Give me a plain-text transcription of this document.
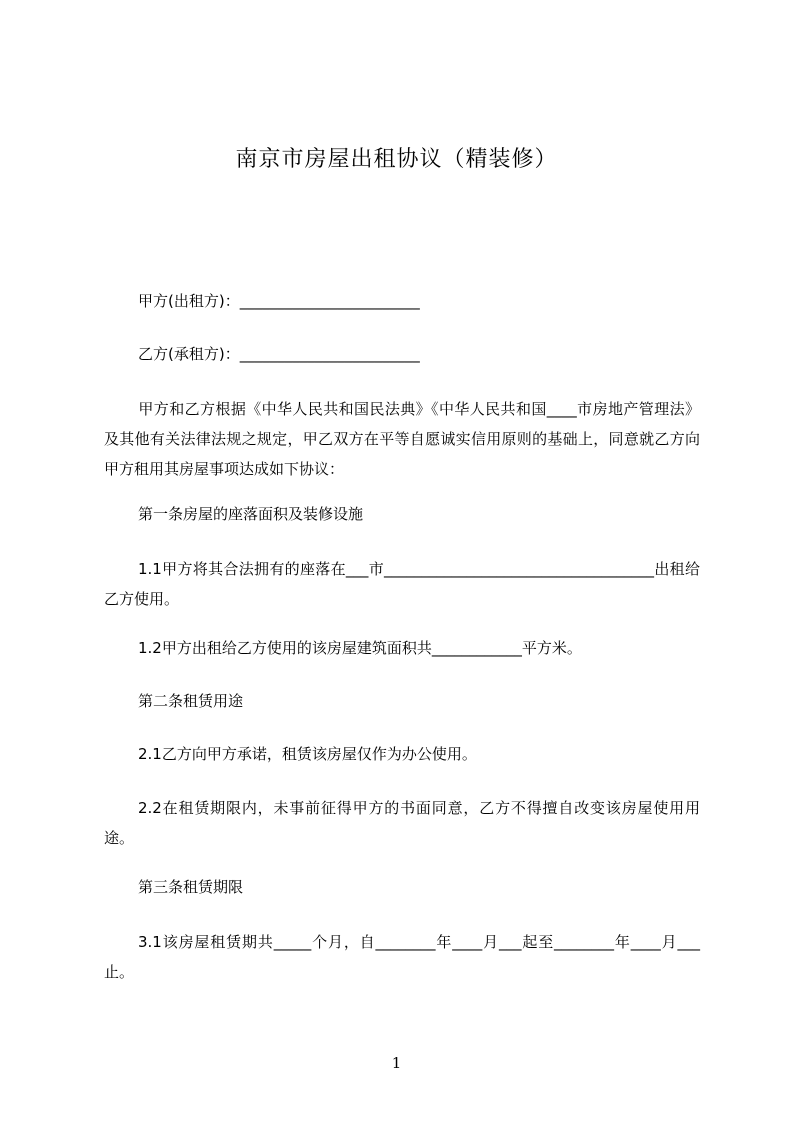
南京市房屋出租协议（精装修）
甲方(出租方)：________________________
乙方(承租方)：________________________
甲方和乙方根据《中华人民共和国民法典》《中华人民共和国____市房地产管理法》及其他有关法律法规之规定，甲乙双方在平等自愿诚实信用原则的基础上，同意就乙方向甲方租用其房屋事项达成如下协议：
第一条房屋的座落面积及装修设施
1.1甲方将其合法拥有的座落在___市____________________________________出租给乙方使用。
1.2甲方出租给乙方使用的该房屋建筑面积共____________平方米。
第二条租赁用途
2.1乙方向甲方承诺，租赁该房屋仅作为办公使用。
2.2在租赁期限内，未事前征得甲方的书面同意，乙方不得擅自改变该房屋使用用途。
第三条租赁期限
3.1该房屋租赁期共_____个月，自________年____月___起至________年____月___止。
1
